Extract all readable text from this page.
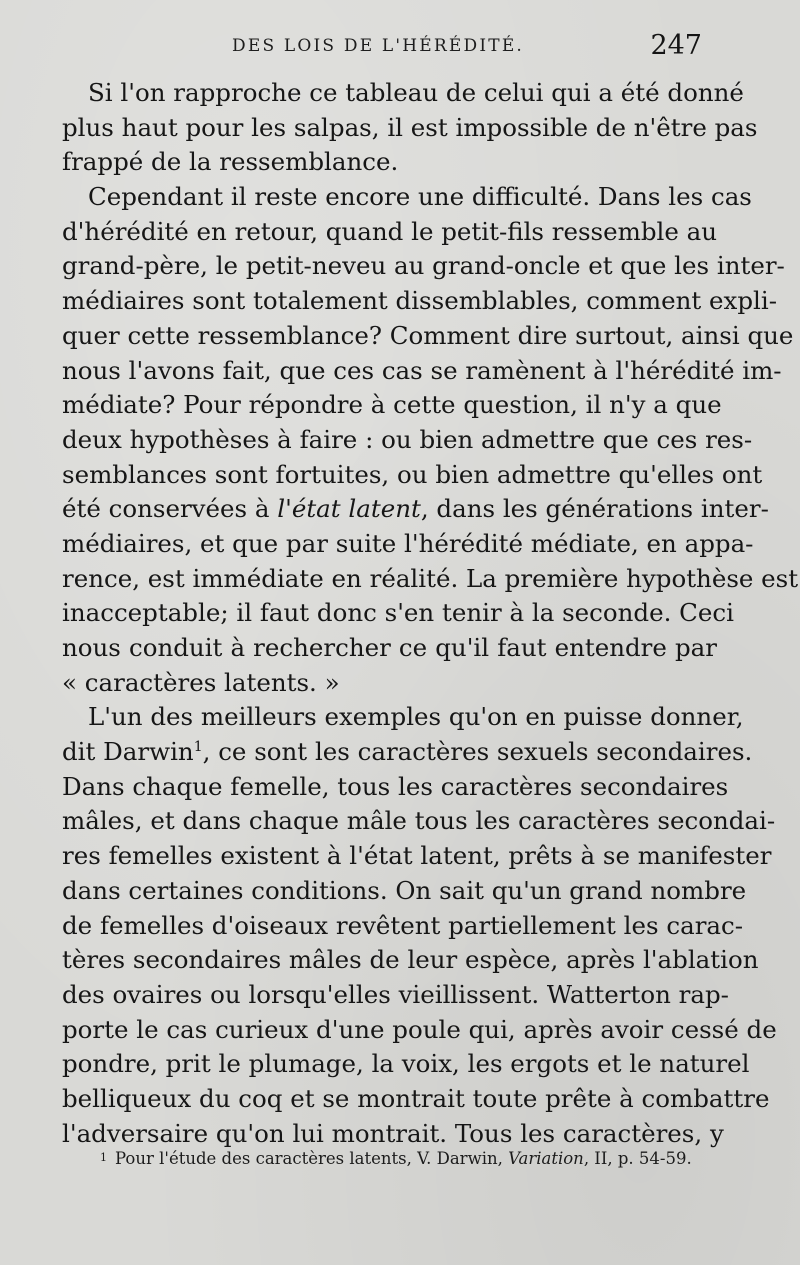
DES LOIS DE L'HÉRÉDITÉ.	247
Si l'on rapproche ce tableau de celui qui a été donné
plus haut pour les salpas, il est impossible de n'être pas
frappé de la ressemblance.
Cependant il reste encore une difficulté. Dans les cas
d'hérédité en retour, quand le petit-fils ressemble au
grand-père, le petit-neveu au grand-oncle et que les inter-
médiaires sont totalement dissemblables, comment expli-
quer cette ressemblance? Comment dire surtout, ainsi que
nous l'avons fait, que ces cas se ramènent à l'hérédité im-
médiate? Pour répondre à cette question, il n'y a que
deux hypothèses à faire : ou bien admettre que ces res-
semblances sont fortuites, ou bien admettre qu'elles ont
été conservées à l'état latent, dans les générations inter-
médiaires, et que par suite l'hérédité médiate, en appa-
rence, est immédiate en réalité. La première hypothèse est
inacceptable; il faut donc s'en tenir à la seconde. Ceci
nous conduit à rechercher ce qu'il faut entendre par
« caractères latents. »
L'un des meilleurs exemples qu'on en puisse donner,
dit Darwin$^1$, ce sont les caractères sexuels secondaires.
Dans chaque femelle, tous les caractères secondaires
mâles, et dans chaque mâle tous les caractères secondai-
res femelles existent à l'état latent, prêts à se manifester
dans certaines conditions. On sait qu'un grand nombre
de femelles d'oiseaux revêtent partiellement les carac-
tères secondaires mâles de leur espèce, après l'ablation
des ovaires ou lorsqu'elles vieillissent. Watterton rap-
porte le cas curieux d'une poule qui, après avoir cessé de
pondre, prit le plumage, la voix, les ergots et le naturel
belliqueux du coq et se montrait toute prête à combattre
l'adversaire qu'on lui montrait. Tous les caractères, y
1 Pour l'étude des caractères latents, V. Darwin, Variation, II, p. 54-59.
